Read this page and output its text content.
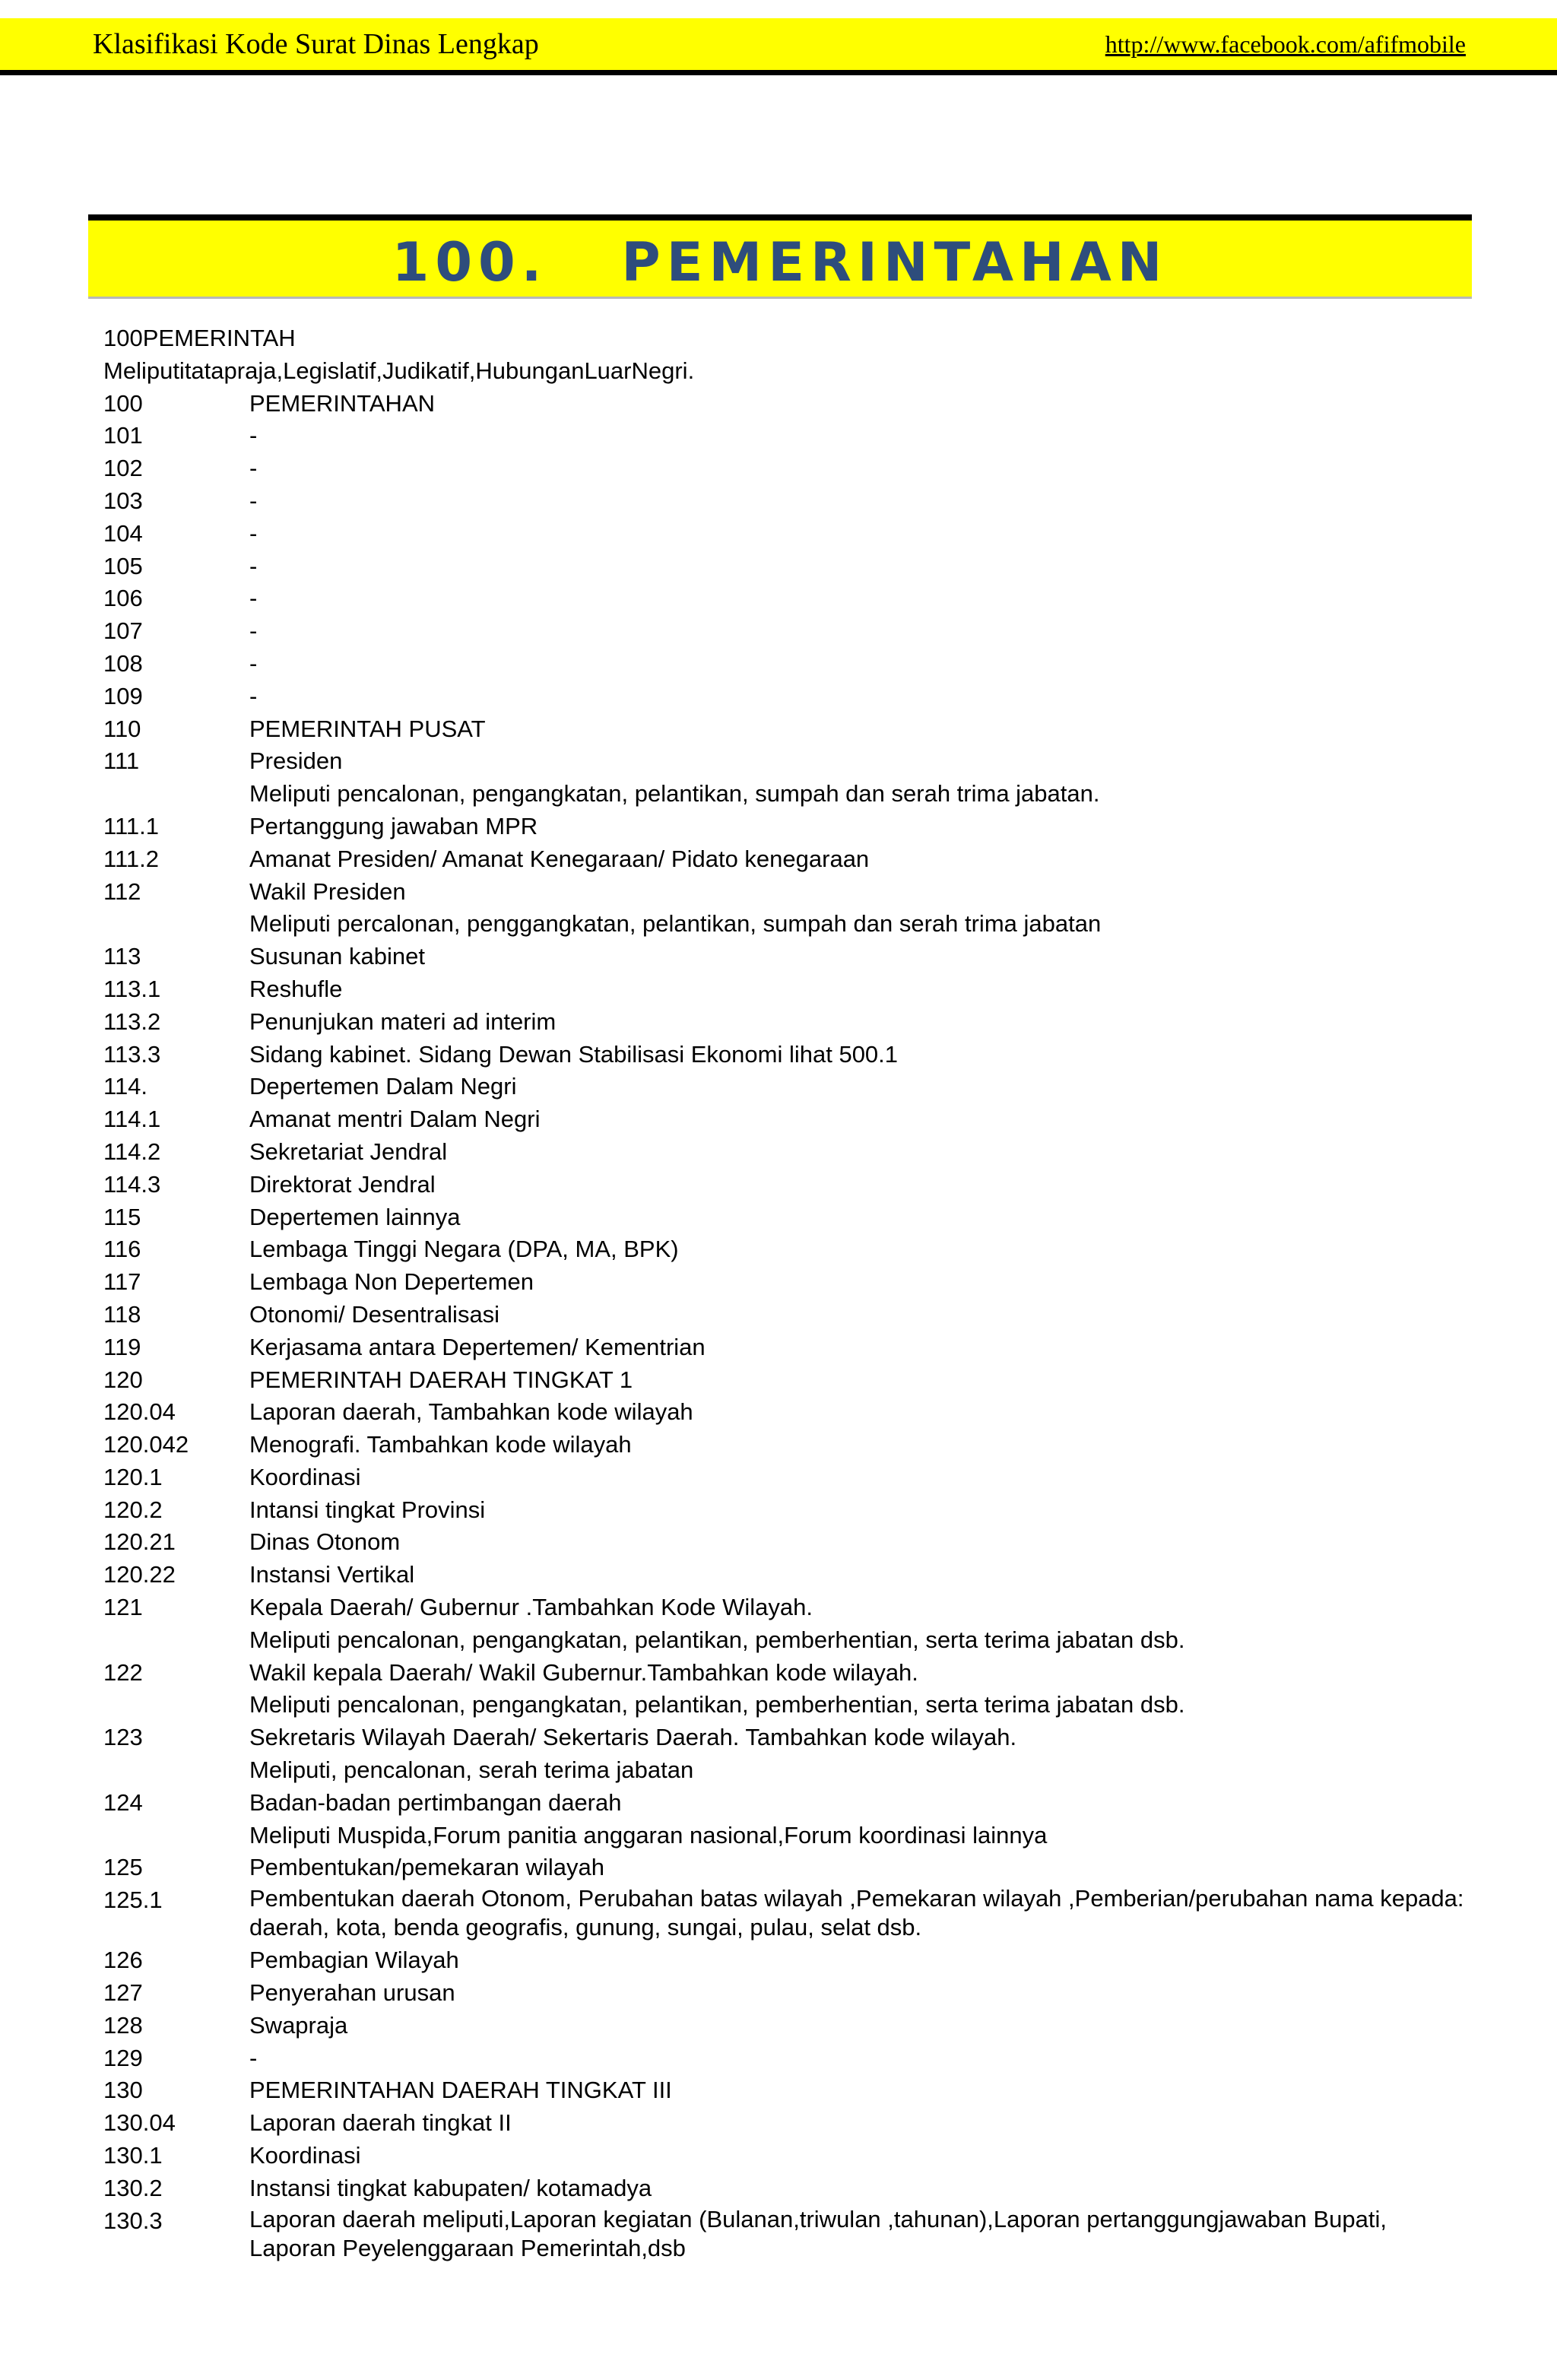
Klasifikasi Kode Surat Dinas Lengkap	http://www.facebook.com/afifmobile
100.   PEMERINTAHAN
100PEMERINTAH
Meliputitatapraja,Legislatif,Judikatif,HubunganLuarNegri.
100	PEMERINTAHAN
101	-
102	-
103	-
104	-
105	-
106	-
107	-
108	-
109	-
110	PEMERINTAH PUSAT
111	Presiden
Meliputi pencalonan, pengangkatan, pelantikan, sumpah dan serah trima jabatan.
111.1	Pertanggung jawaban MPR
111.2	Amanat Presiden/ Amanat Kenegaraan/ Pidato kenegaraan
112	Wakil Presiden
Meliputi percalonan, penggangkatan, pelantikan, sumpah dan serah trima jabatan
113	Susunan kabinet
113.1	Reshufle
113.2	Penunjukan materi ad interim
113.3	Sidang kabinet. Sidang Dewan Stabilisasi Ekonomi lihat 500.1
114.	Depertemen Dalam Negri
114.1	Amanat mentri Dalam Negri
114.2	Sekretariat Jendral
114.3	Direktorat Jendral
115	Depertemen lainnya
116	Lembaga Tinggi Negara (DPA, MA, BPK)
117	Lembaga Non Depertemen
118	Otonomi/ Desentralisasi
119	Kerjasama antara Depertemen/ Kementrian
120	PEMERINTAH DAERAH TINGKAT 1
120.04	Laporan daerah, Tambahkan kode wilayah
120.042	Menografi. Tambahkan kode wilayah
120.1	Koordinasi
120.2	Intansi tingkat Provinsi
120.21	Dinas Otonom
120.22	Instansi Vertikal
121	Kepala Daerah/ Gubernur .Tambahkan Kode Wilayah.
Meliputi pencalonan, pengangkatan, pelantikan, pemberhentian, serta terima jabatan dsb.
122	Wakil kepala Daerah/ Wakil Gubernur.Tambahkan kode wilayah.
Meliputi pencalonan, pengangkatan, pelantikan, pemberhentian, serta terima jabatan dsb.
123	Sekretaris Wilayah Daerah/ Sekertaris Daerah. Tambahkan kode wilayah.
Meliputi, pencalonan, serah terima jabatan
124	Badan-badan pertimbangan daerah
Meliputi Muspida,Forum panitia anggaran nasional,Forum koordinasi lainnya
125	Pembentukan/pemekaran wilayah
125.1	Pembentukan daerah Otonom, Perubahan batas wilayah ,Pemekaran wilayah ,Pemberian/perubahan nama kepada: daerah, kota, benda geografis, gunung, sungai, pulau, selat dsb.
126	Pembagian Wilayah
127	Penyerahan urusan
128	Swapraja
129	-
130	PEMERINTAHAN DAERAH TINGKAT III
130.04	Laporan daerah tingkat II
130.1	Koordinasi
130.2	Instansi tingkat kabupaten/ kotamadya
130.3	Laporan daerah meliputi,Laporan kegiatan (Bulanan,triwulan ,tahunan),Laporan pertanggungjawaban Bupati, Laporan Peyelenggaraan Pemerintah,dsb
